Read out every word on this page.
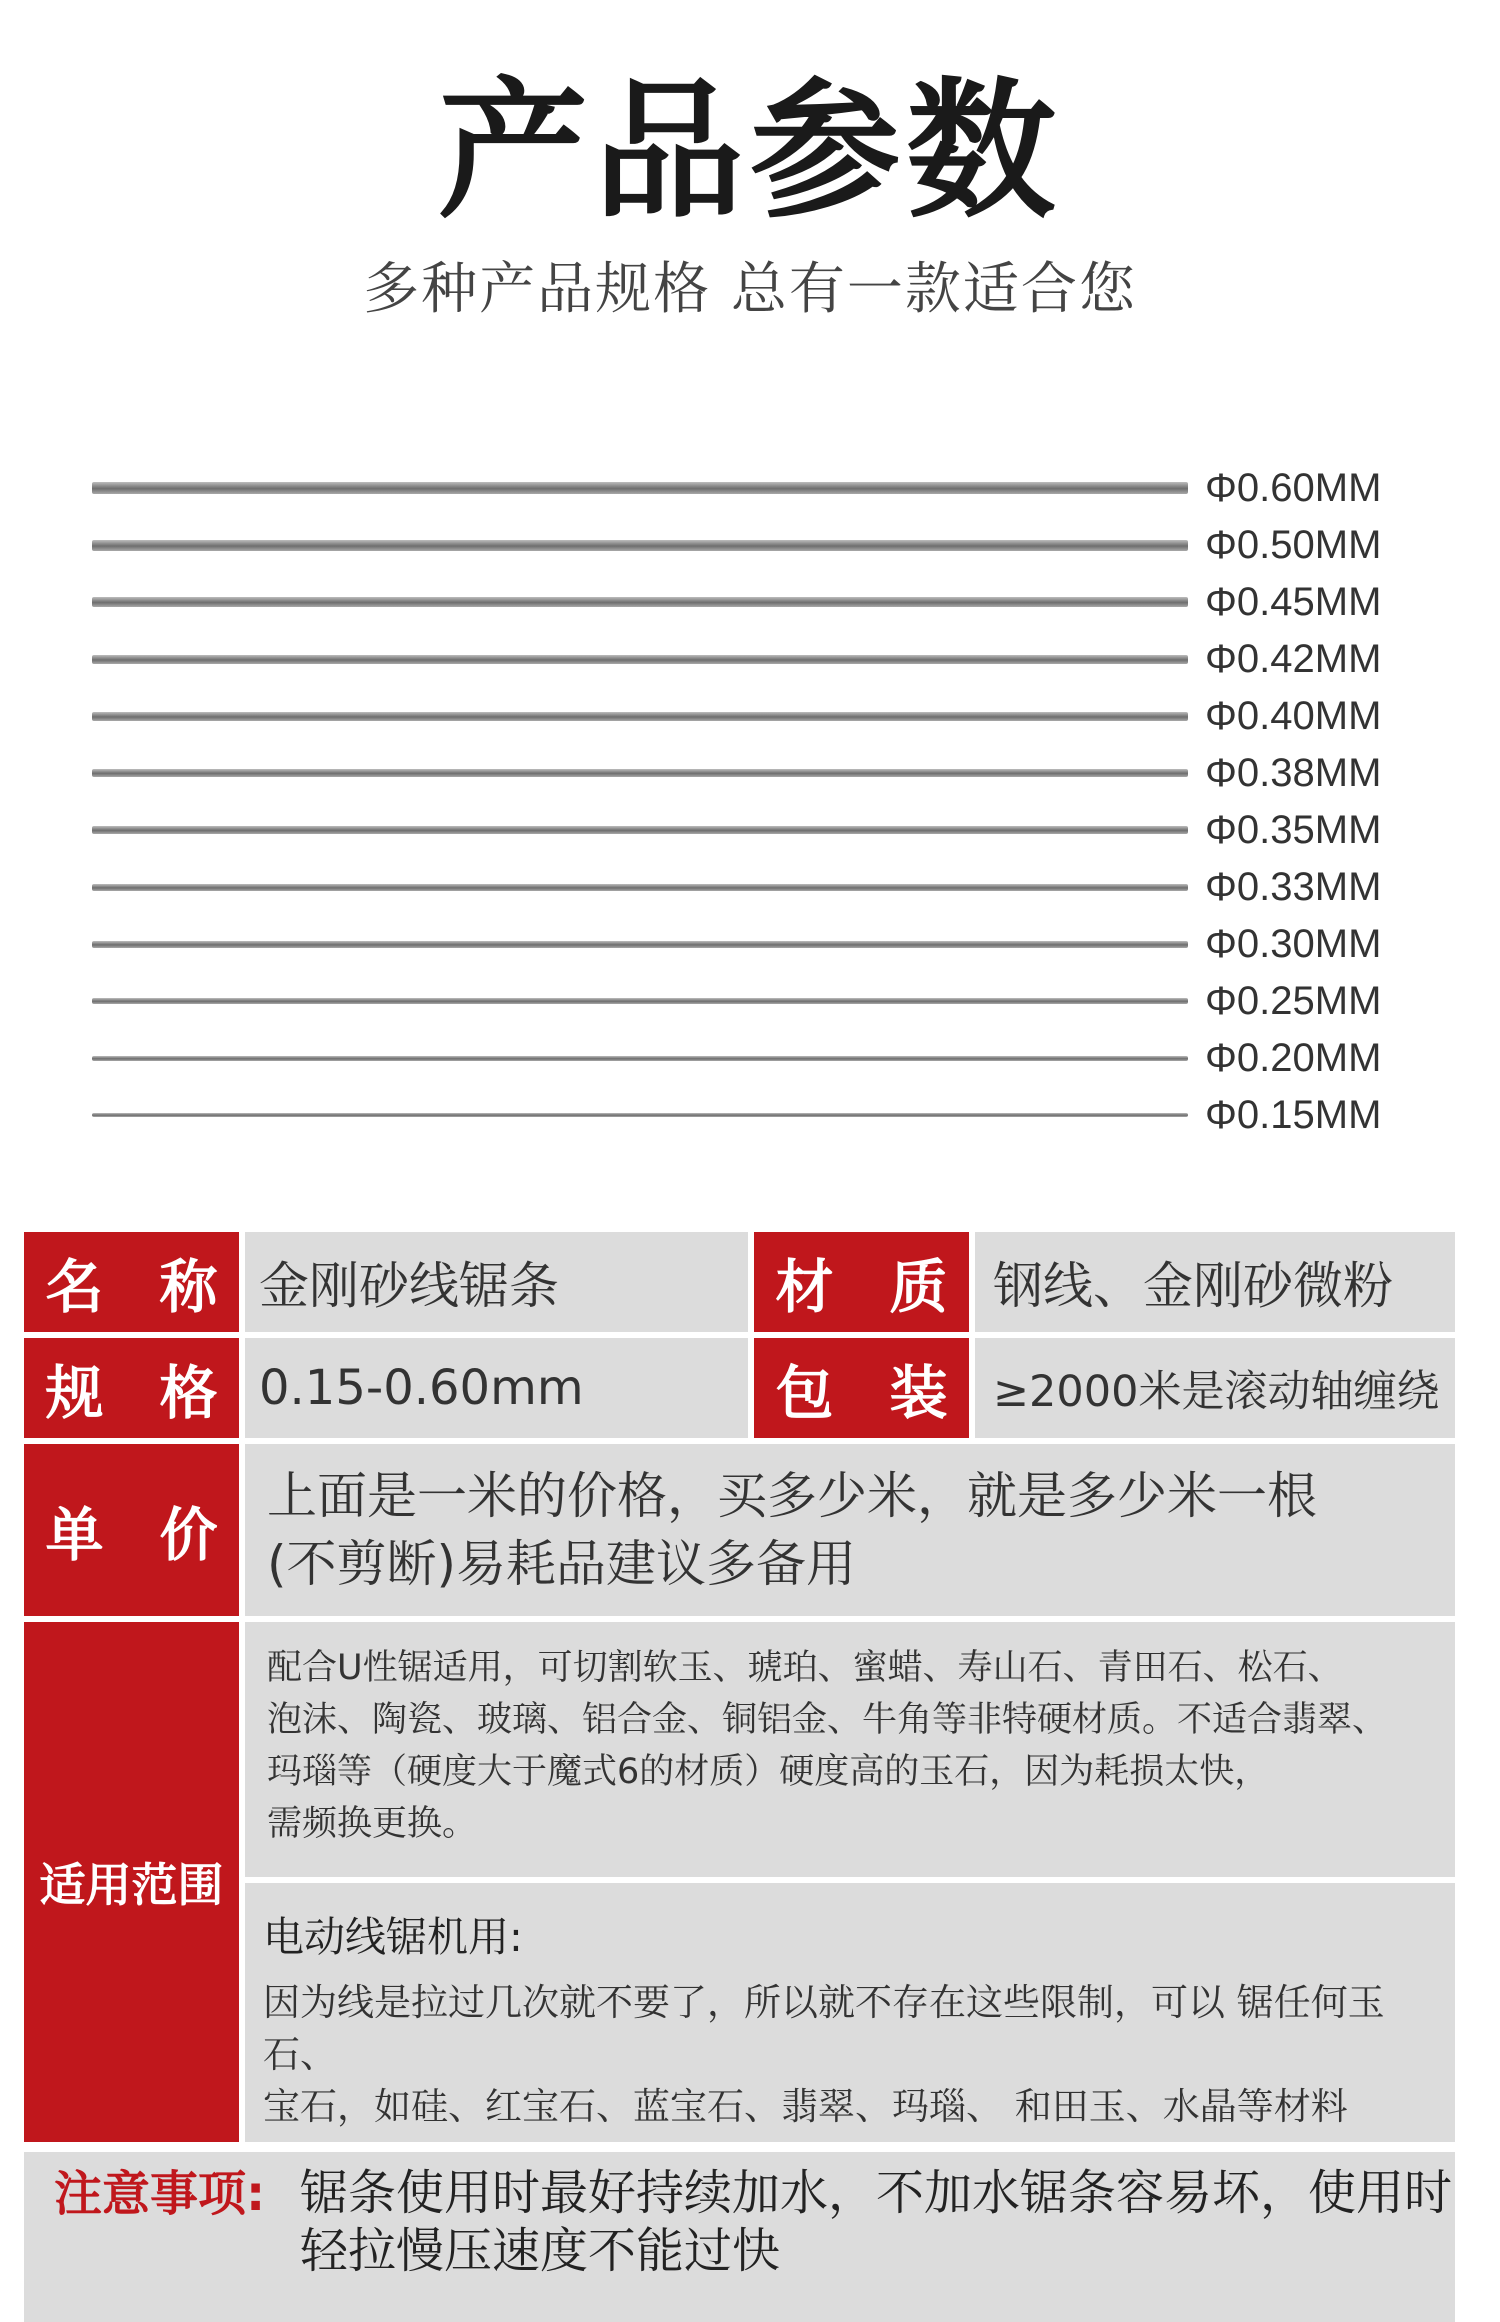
产品参数
多种产品规格 总有一款适合您
Φ0.60MM
Φ0.50MM
Φ0.45MM
Φ0.42MM
Φ0.40MM
Φ0.38MM
Φ0.35MM
Φ0.33MM
Φ0.30MM
Φ0.25MM
Φ0.20MM
Φ0.15MM
名 称 金刚砂线锯条	材 质 钢线、金刚砂微粉
规 格 0.15-0.60mm	包 装 ≥2000米是滚动轴缠绕
单 价
上面是一米的价格，买多少米，就是多少米一根
(不剪断)易耗品建议多备用
适用范围
配合U性锯适用，可切割软玉、琥珀、蜜蜡、寿山石、青田石、松石、
泡沫、陶瓷、玻璃、铝合金、铜铝金、牛角等非特硬材质。不适合翡翠、
玛瑙等（硬度大于魔式6的材质）硬度高的玉石，因为耗损太快，
需频换更换。
电动线锯机用:
因为线是拉过几次就不要了，所以就不存在这些限制，可以 锯任何玉石、
宝石，如硅、红宝石、蓝宝石、翡翠、玛瑙、 和田玉、水晶等材料
注意事项: 锯条使用时最好持续加水，不加水锯条容易坏，使用时
轻拉慢压速度不能过快
